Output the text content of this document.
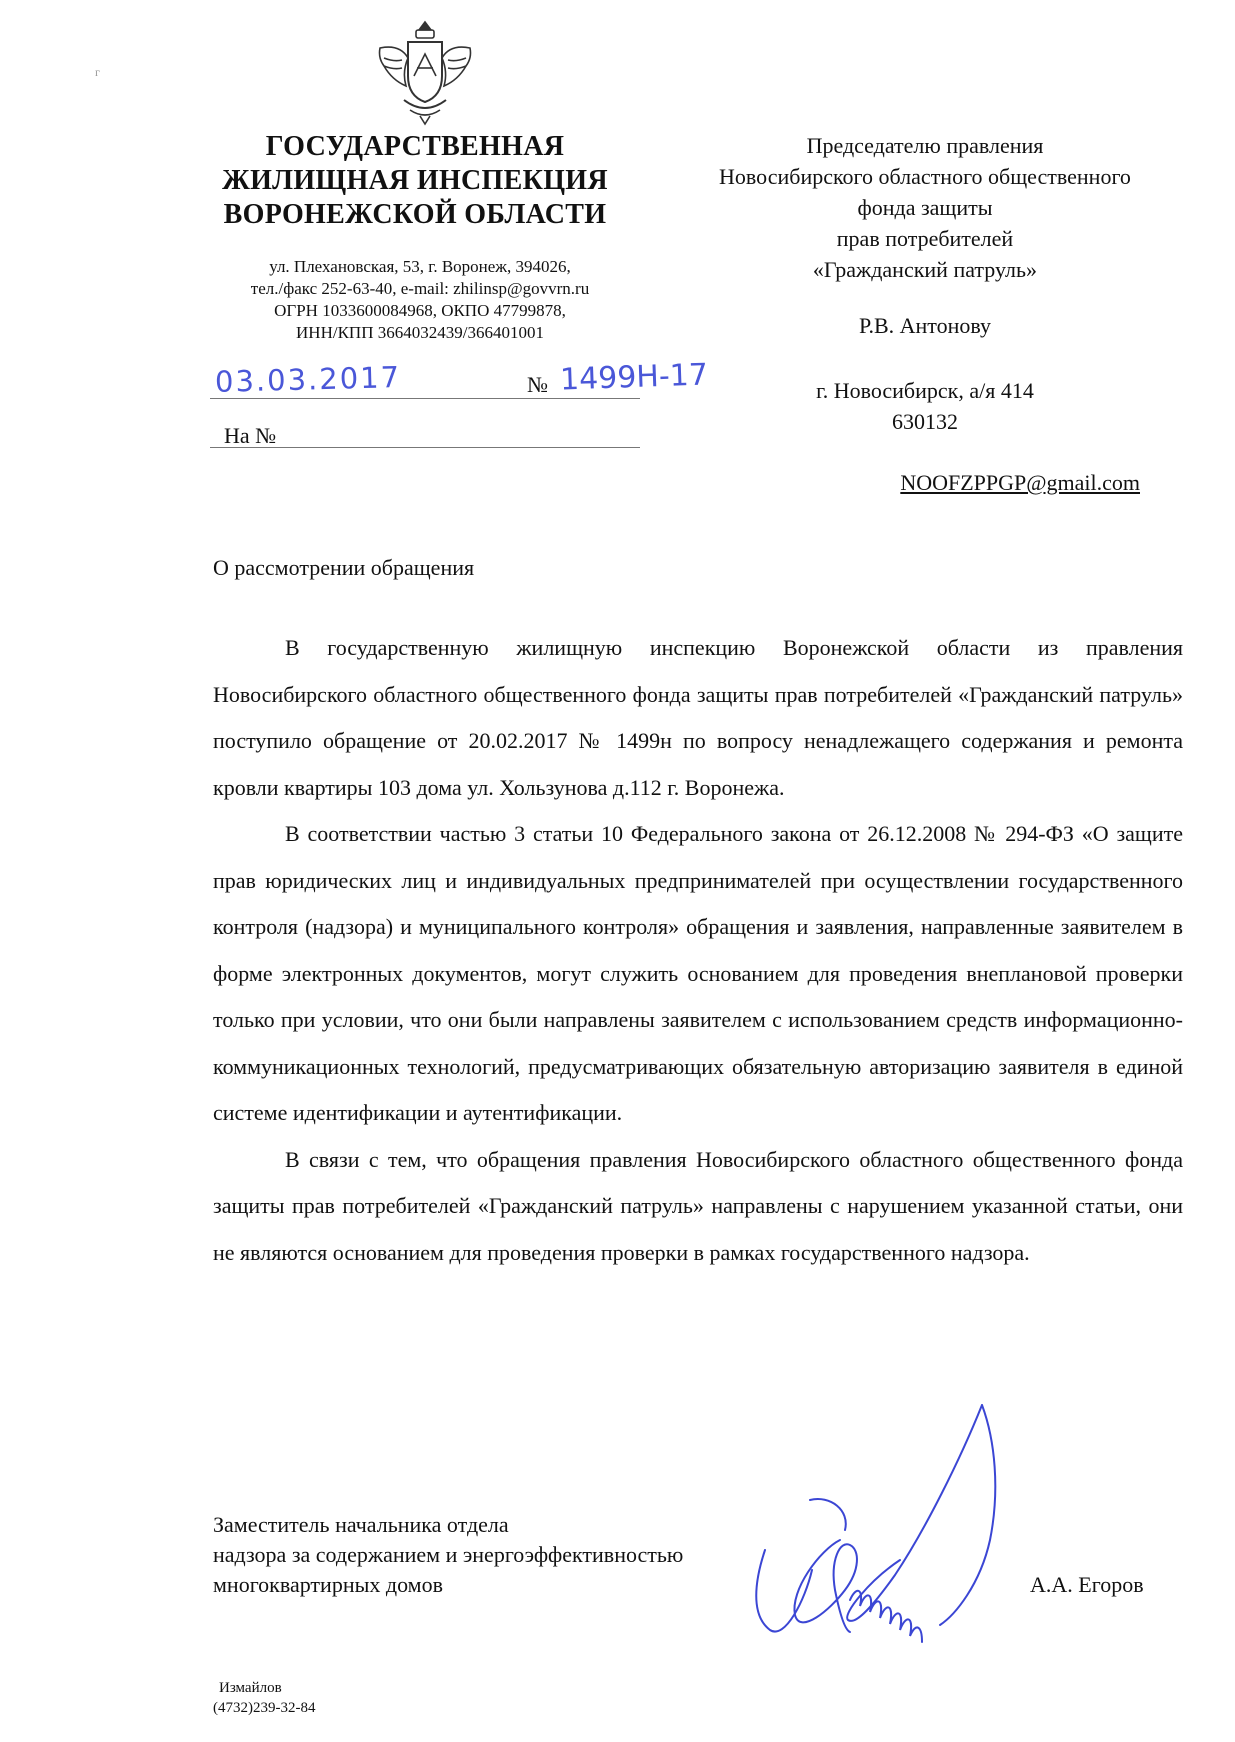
ᴦ
ГОСУДАРСТВЕННАЯ
ЖИЛИЩНАЯ ИНСПЕКЦИЯ
ВОРОНЕЖСКОЙ ОБЛАСТИ
ул. Плехановская, 53, г. Воронеж, 394026,
тел./факс 252-63-40, e-mail: zhilinsp@govvrn.ru
ОГРН 1033600084968, ОКПО 47799878,
ИНН/КПП 3664032439/366401001
03.03.2017	№ 1499Н-17
На №
Председателю правления
Новосибирского областного общественного
фонда защиты
прав потребителей
«Гражданский патруль»
Р.В. Антонову
г. Новосибирск, а/я 414
630132
NOOFZPPGP@gmail.com
О рассмотрении обращения

В государственную жилищную инспекцию Воронежской области из правления Новосибирского областного общественного фонда защиты прав потребителей «Гражданский патруль» поступило обращение от 20.02.2017 № 1499н по вопросу ненадлежащего содержания и ремонта кровли квартиры 103 дома ул. Хользунова д.112 г. Воронежа.

В соответствии частью 3 статьи 10 Федерального закона от 26.12.2008 № 294-ФЗ «О защите прав юридических лиц и индивидуальных предпринимателей при осуществлении государственного контроля (надзора) и муниципального контроля» обращения и заявления, направленные заявителем в форме электронных документов, могут служить основанием для проведения внеплановой проверки только при условии, что они были направлены заявителем с использованием средств информационно-коммуникационных технологий, предусматривающих обязательную авторизацию заявителя в единой системе идентификации и аутентификации.

В связи с тем, что обращения правления Новосибирского областного общественного фонда защиты прав потребителей «Гражданский патруль» направлены с нарушением указанной статьи, они не являются основанием для проведения проверки в рамках государственного надзора.

Заместитель начальника отдела
надзора за содержанием и энергоэффективностью
многоквартирных домов	А.А. Егоров
Измайлов
(4732)239-32-84
